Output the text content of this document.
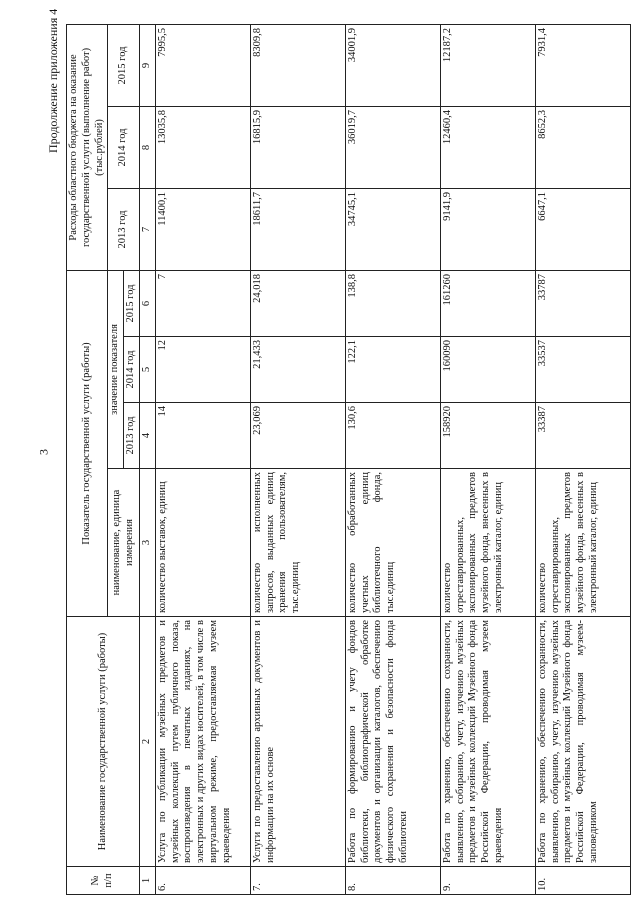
3
Продолжение приложения 4
№ п/п	Наименование государственной услуги (работы)	Показатель государственной услуги (работы)				Расходы областного бюджета на оказание государственной услуги (выполнение работ) (тыс.рублей)		
		наименование, единица измерения	значение показателя			2013 год	2014 год	2015 год
			2013 год	2014 год	2015 год			
1	2	3	4	5	6	7	8	9
6.	Услуга по публикации музейных предметов и музейных коллекций путем публичного показа, воспроизведения в печатных изданиях, на электронных и других видах носителей, в том числе в виртуальном режиме, предоставляемая музеем краеведения	количество выставок, единиц	14	12	7	11400,1	13035,8	7995,5
7.	Услуги по предоставлению архивных документов и информации на их основе	количество исполненных запросов, выданных единиц хранения пользователям, тыс.единиц	23,069	21,433	24,018	18611,7	16815,9	8309,8
8.	Работа по формированию и учету фондов библиотеки, библиографической обработке документов и организации каталогов, обеспечению физического сохранения и безопасности фонда библиотеки	количество обработанных учетных единиц библиотечного фонда, тыс.единиц	130,6	122,1	138,8	34745,1	36019,7	34001,9
9.	Работа по хранению, обеспечению сохранности, выявлению, собиранию, учету, изучению музейных предметов и музейных коллекций Музейного фонда Российской Федерации, проводимая музеем краеведения	количество отреставрированных, экспонированных предметов музейного фонда, внесенных в электронный каталог, единиц	158920	160090	161260	9141,9	12460,4	12187,2
10.	Работа по хранению, обеспечению сохранности, выявлению, собиранию, учету, изучению музейных предметов и музейных коллекций Музейного фонда Российской Федерации, проводимая музеем-заповедником	количество отреставрированных, экспонированных предметов музейного фонда, внесенных в электронный каталог, единиц	33387	33537	33787	6647,1	8652,3	7931,4
